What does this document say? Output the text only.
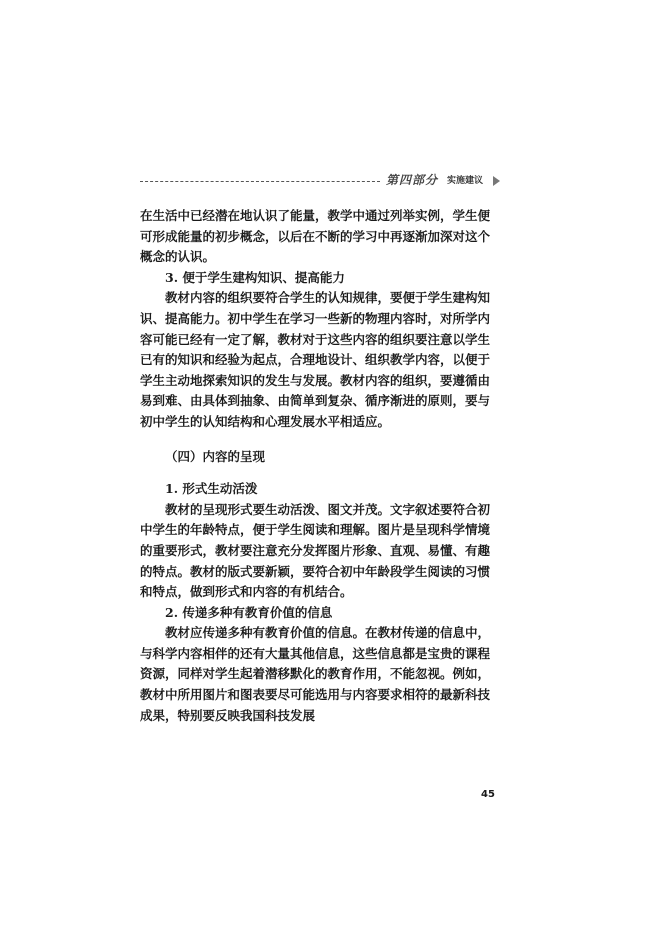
第四部分 实施建议

在生活中已经潜在地认识了能量，教学中通过列举实例，学生便可形成能量的初步概念，以后在不断的学习中再逐渐加深对这个概念的认识。

3. 便于学生建构知识、提高能力

教材内容的组织要符合学生的认知规律，要便于学生建构知识、提高能力。初中学生在学习一些新的物理内容时，对所学内容可能已经有一定了解，教材对于这些内容的组织要注意以学生已有的知识和经验为起点，合理地设计、组织教学内容，以便于学生主动地探索知识的发生与发展。教材内容的组织，要遵循由易到难、由具体到抽象、由简单到复杂、循序渐进的原则，要与初中学生的认知结构和心理发展水平相适应。

（四）内容的呈现
1. 形式生动活泼

教材的呈现形式要生动活泼、图文并茂。文字叙述要符合初中学生的年龄特点，便于学生阅读和理解。图片是呈现科学情境的重要形式，教材要注意充分发挥图片形象、直观、易懂、有趣的特点。教材的版式要新颖，要符合初中年龄段学生阅读的习惯和特点，做到形式和内容的有机结合。

2. 传递多种有教育价值的信息

教材应传递多种有教育价值的信息。在教材传递的信息中，与科学内容相伴的还有大量其他信息，这些信息都是宝贵的课程资源，同样对学生起着潜移默化的教育作用，不能忽视。例如，教材中所用图片和图表要尽可能选用与内容要求相符的最新科技成果，特别要反映我国科技发展

45
